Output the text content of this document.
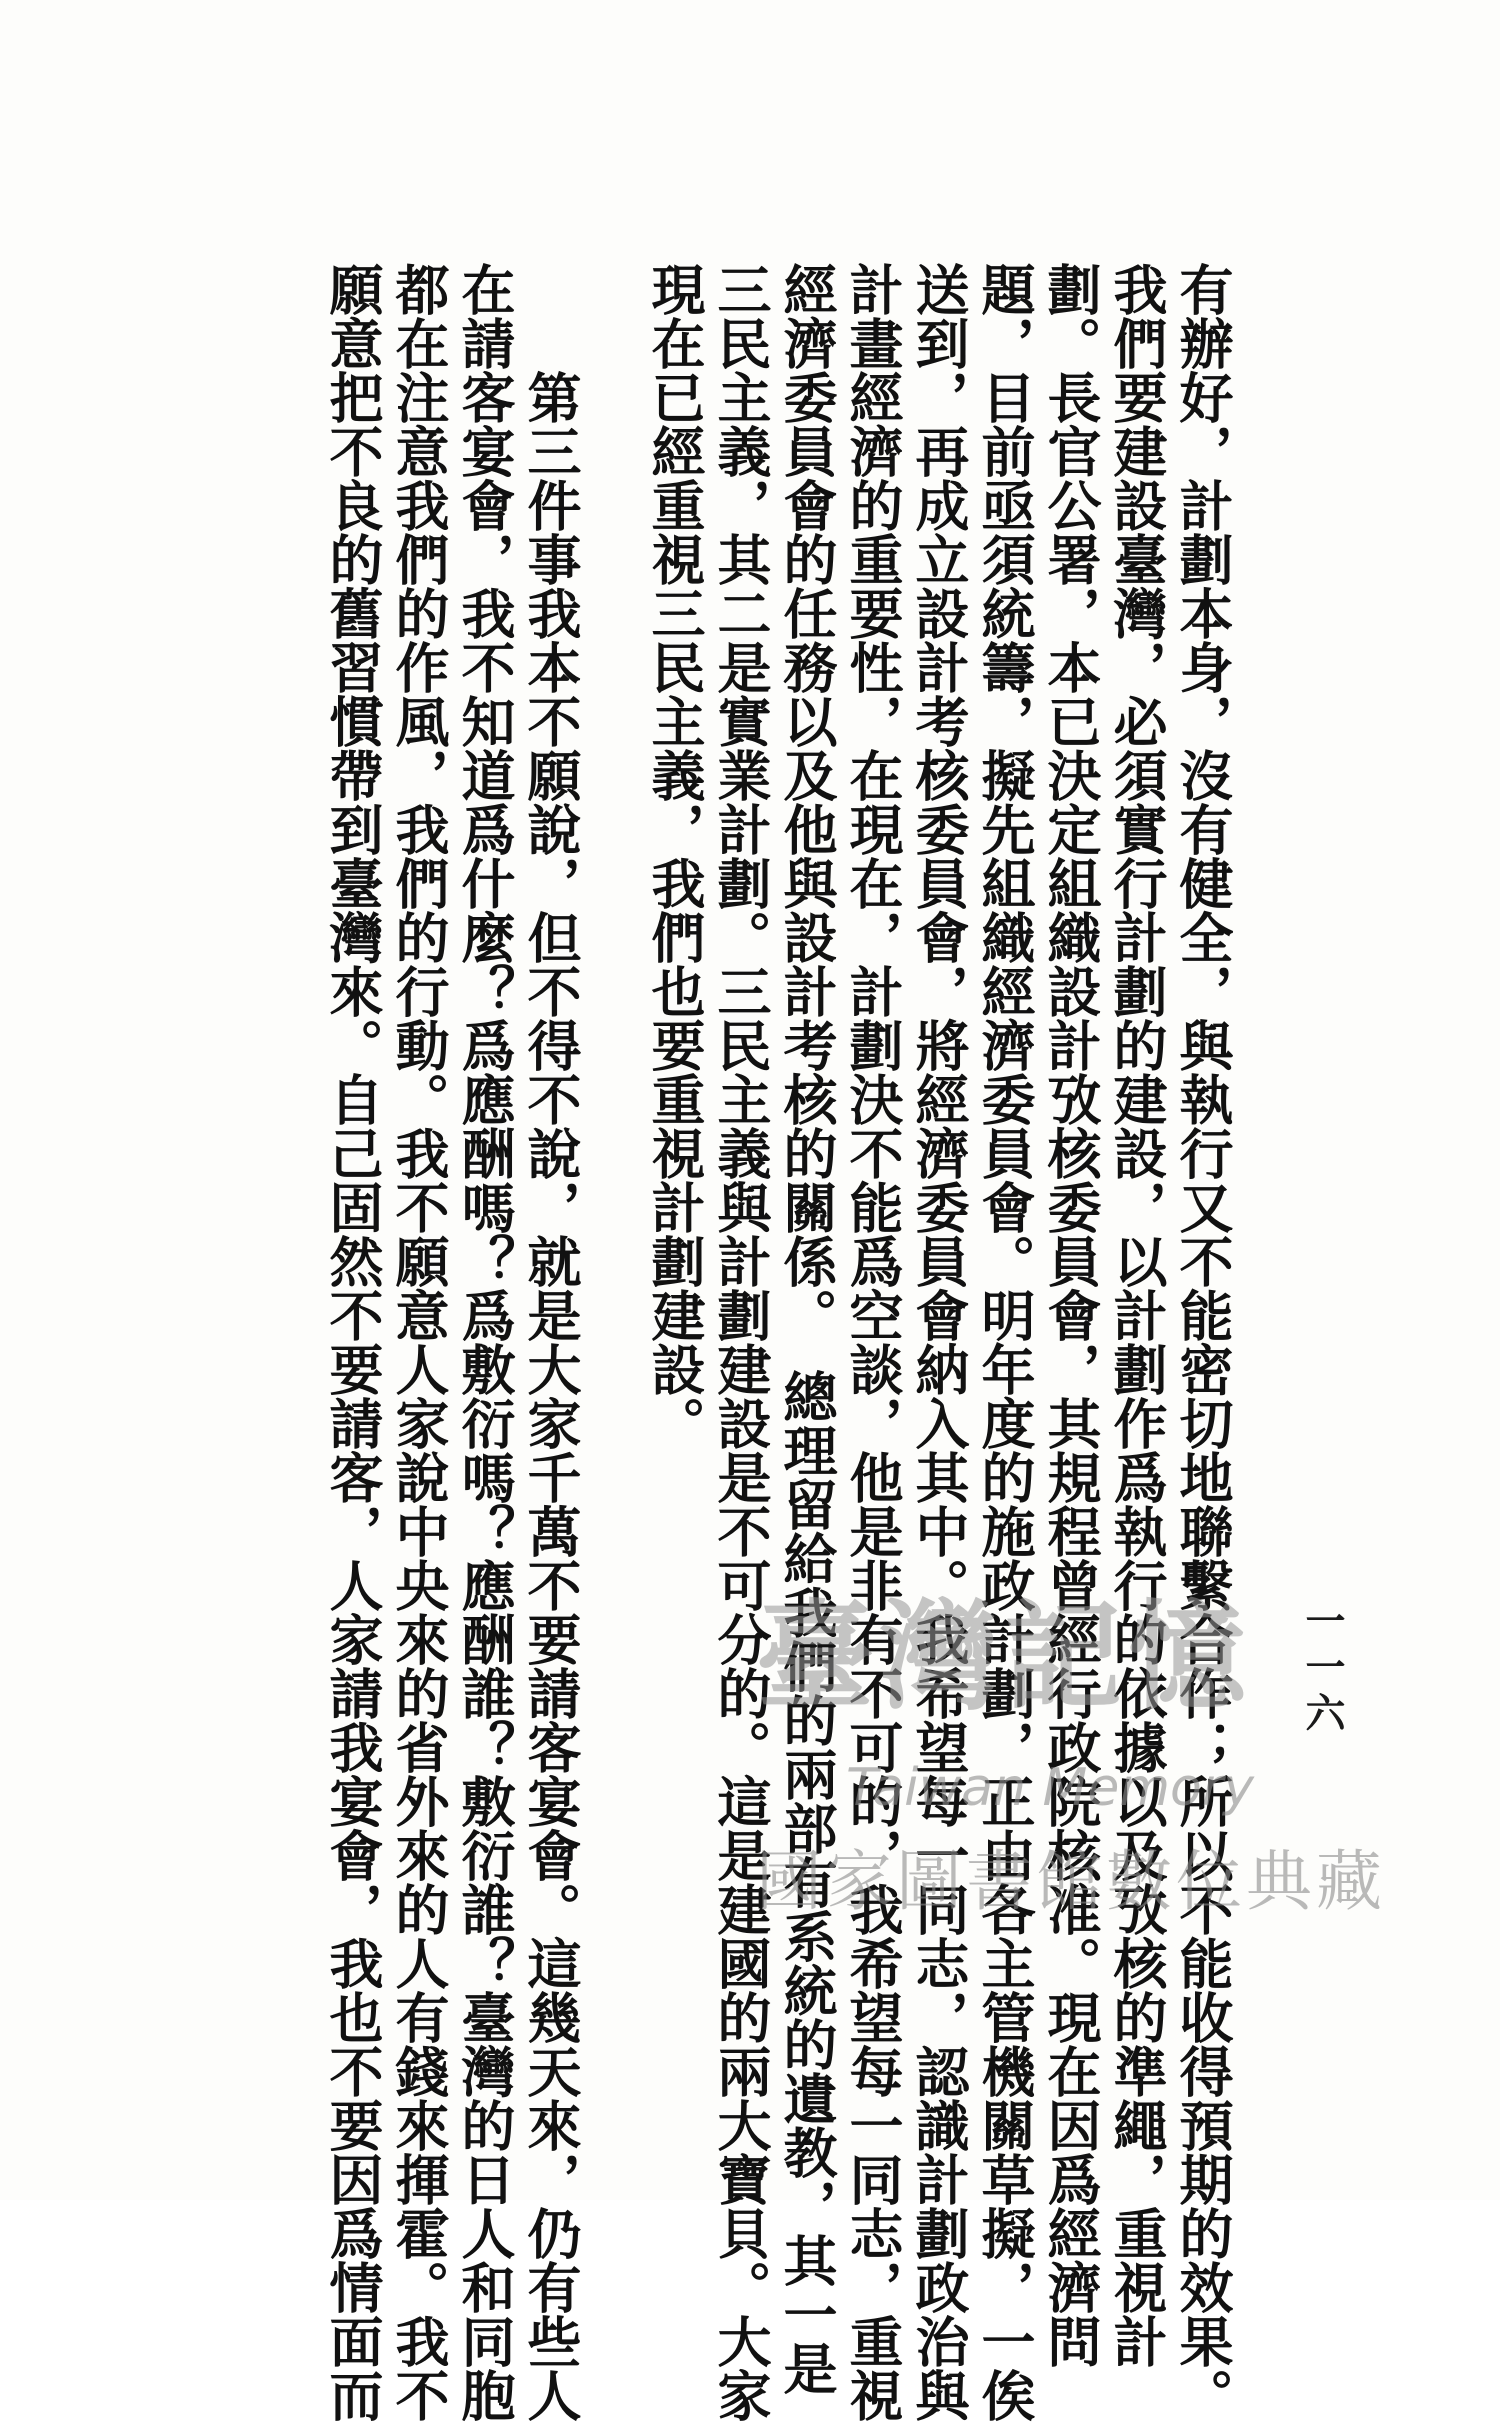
一一六
有辦好，計劃本身，沒有健全，與執行又不能密切地聯繫合作；所以不能收得預期的效果。
我們要建設臺灣，必須實行計劃的建設，以計劃作爲執行的依據以及攷核的準繩，重視計
劃。長官公署，本已決定組織設計攷核委員會，其規程曾經行政院核准。現在因爲經濟問
題，目前亟須統籌，擬先組織經濟委員會。明年度的施政計劃，正由各主管機關草擬，一俟
送到，再成立設計考核委員會，將經濟委員會納入其中。我希望每一同志，認識計劃政治與
計畫經濟的重要性，在現在，計劃決不能爲空談，他是非有不可的，我希望每一同志，重視
經濟委員會的任務以及他與設計考核的關係。　總理留給我們的兩部有系統的遺教，其一是
三民主義，其二是實業計劃。三民主義與計劃建設是不可分的。這是建國的兩大寶貝。大家
現在已經重視三民主義，我們也要重視計劃建設。
第三件事我本不願說，但不得不說，就是大家千萬不要請客宴會。這幾天來，仍有些人
在請客宴會，我不知道爲什麼？爲應酬嗎？爲敷衍嗎？應酬誰？敷衍誰？臺灣的日人和同胞
都在注意我們的作風，我們的行動。我不願意人家說中央來的省外來的人有錢來揮霍。我不
願意把不良的舊習慣帶到臺灣來。自己固然不要請客，人家請我宴會，我也不要因爲情面而	臺灣記憶
Taiwan Memory
國家圖書館數位典藏
